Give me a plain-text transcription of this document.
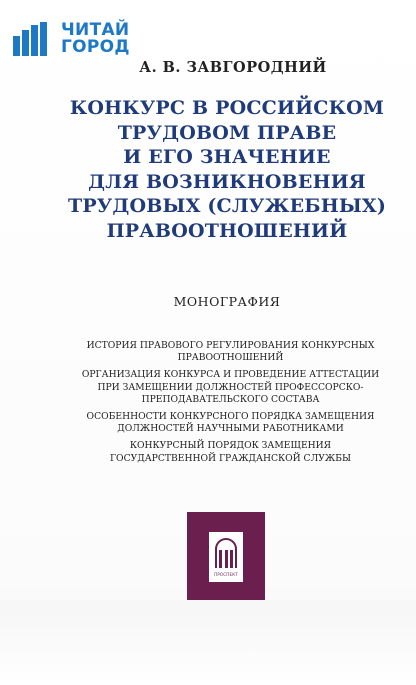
ЧИТАЙ
ГОРОД
А. В. ЗАВГОРОДНИЙ
КОНКУРС В РОССИЙСКОМ
ТРУДОВОМ ПРАВЕ
И ЕГО ЗНАЧЕНИЕ
ДЛЯ ВОЗНИКНОВЕНИЯ
ТРУДОВЫХ (СЛУЖЕБНЫХ)
ПРАВООТНОШЕНИЙ
МОНОГРАФИЯ
ИСТОРИЯ ПРАВОВОГО РЕГУЛИРОВАНИЯ КОНКУРСНЫХ
ПРАВООТНОШЕНИЙ
ОРГАНИЗАЦИЯ КОНКУРСА И ПРОВЕДЕНИЕ АТТЕСТАЦИИ
ПРИ ЗАМЕЩЕНИИ ДОЛЖНОСТЕЙ ПРОФЕССОРСКО-
ПРЕПОДАВАТЕЛЬСКОГО СОСТАВА
ОСОБЕННОСТИ КОНКУРСНОГО ПОРЯДКА ЗАМЕЩЕНИЯ
ДОЛЖНОСТЕЙ НАУЧНЫМИ РАБОТНИКАМИ
КОНКУРСНЫЙ ПОРЯДОК ЗАМЕЩЕНИЯ
ГОСУДАРСТВЕННОЙ ГРАЖДАНСКОЙ СЛУЖБЫ
ПРОСПЕКТ
